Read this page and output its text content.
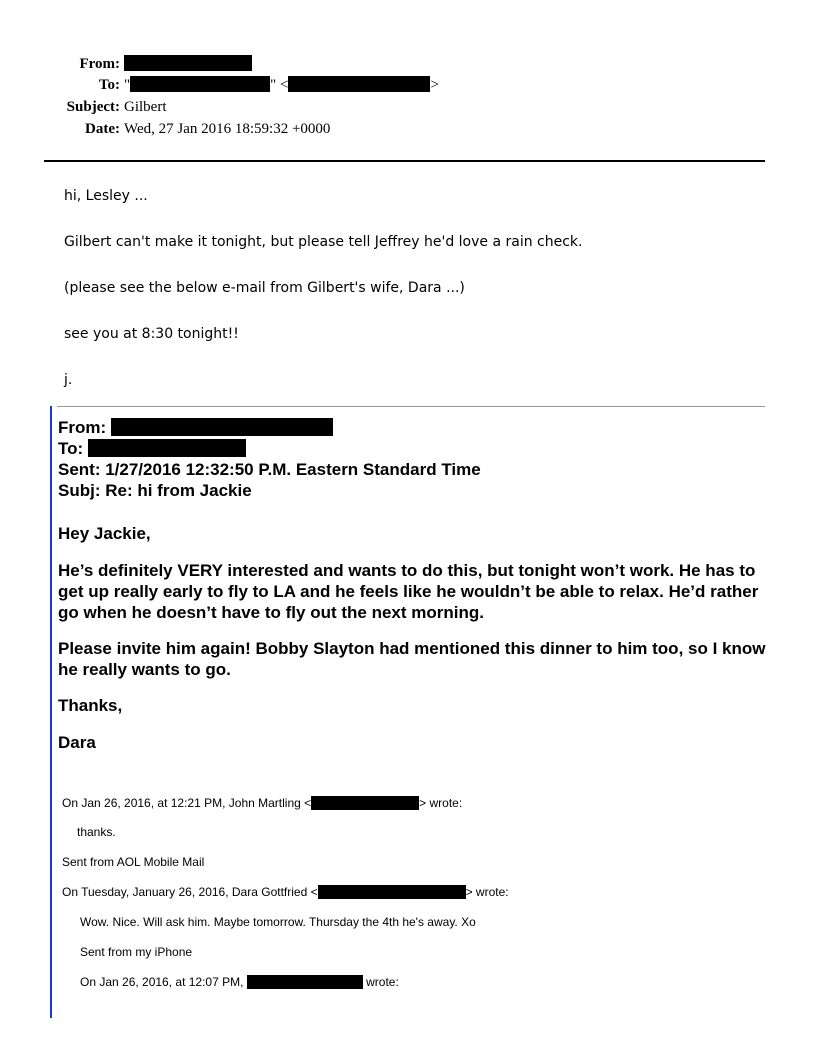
From:
To: "	" <	>
Subject: Gilbert
Date: Wed, 27 Jan 2016 18:59:32 +0000
hi, Lesley ...
Gilbert can't make it tonight, but please tell Jeffrey he'd love a rain check.
(please see the below e-mail from Gilbert's wife, Dara ...)
see you at 8:30 tonight!!
j.
From:
To:
Sent: 1/27/2016 12:32:50 P.M. Eastern Standard Time
Subj: Re: hi from Jackie
Hey Jackie,
He’s definitely VERY interested and wants to do this, but tonight won’t work. He has to get up really early to fly to LA and he feels like he wouldn’t be able to relax. He’d rather go when he doesn’t have to fly out the next morning.
Please invite him again! Bobby Slayton had mentioned this dinner to him too, so I know he really wants to go.
Thanks,
Dara
On Jan 26, 2016, at 12:21 PM, John Martling <	> wrote:
thanks.
Sent from AOL Mobile Mail
On Tuesday, January 26, 2016, Dara Gottfried <	> wrote:
Wow. Nice. Will ask him. Maybe tomorrow. Thursday the 4th he's away. Xo
Sent from my iPhone
On Jan 26, 2016, at 12:07 PM,	wrote:
